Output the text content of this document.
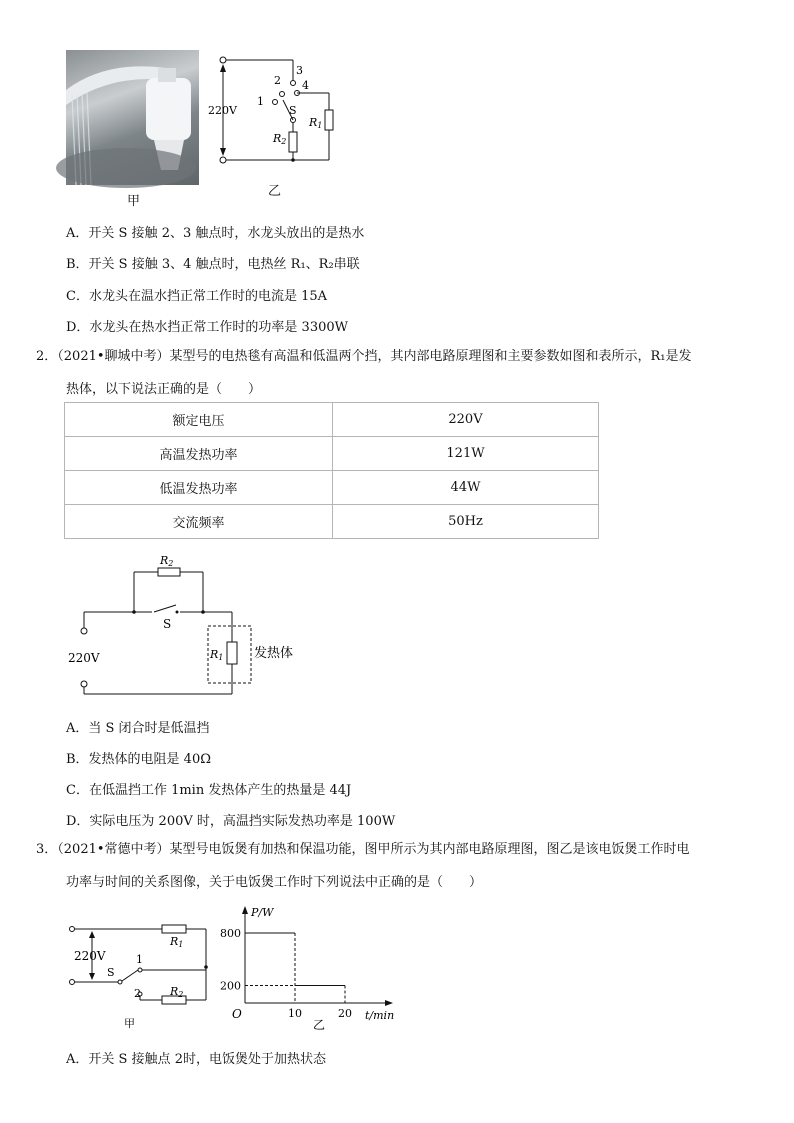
甲
220V
3
4
2
1
S
R1
R2
乙
A．开关 S 接触 2、3 触点时，水龙头放出的是热水
B．开关 S 接触 3、4 触点时，电热丝 R₁、R₂串联
C．水龙头在温水挡正常工作时的电流是 15A
D．水龙头在热水挡正常工作时的功率是 3300W
2．（2021•聊城中考）某型号的电热毯有高温和低温两个挡，其内部电路原理图和主要参数如图和表所示，R₁是发
热体，以下说法正确的是（　　）
额定电压	220V
高温发热功率	121W
低温发热功率	44W
交流频率	50Hz
R2
S
220V	R1 发热体
A．当 S 闭合时是低温挡
B．发热体的电阻是 40Ω
C．在低温挡工作 1min 发热体产生的热量是 44J
D．实际电压为 200V 时，高温挡实际发热功率是 100W
3．（2021•常德中考）某型号电饭煲有加热和保温功能，图甲所示为其内部电路原理图，图乙是该电饭煲工作时电
功率与时间的关系图像，关于电饭煲工作时下列说法中正确的是（　　）
220V
S
1
2
R1
R2
甲
200
800
10	20
P/W
t/min
O
乙
A．开关 S 接触点 2时，电饭煲处于加热状态
